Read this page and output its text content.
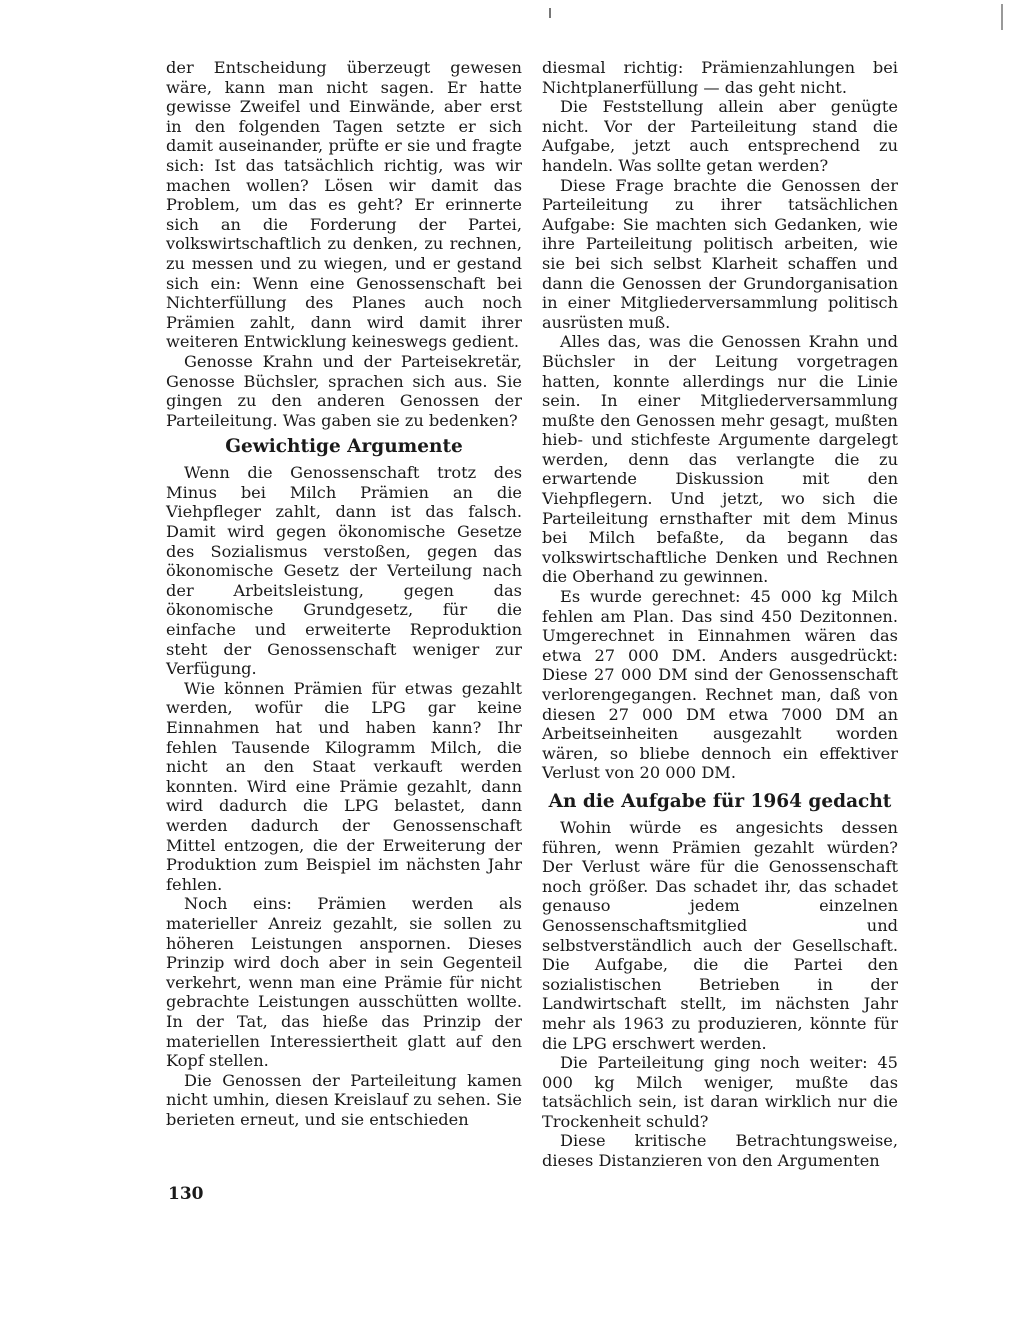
der Entscheidung überzeugt gewesen wäre, kann man nicht sagen. Er hatte gewisse Zweifel und Einwände, aber erst in den folgenden Tagen setzte er sich damit auseinander, prüfte er sie und fragte sich: Ist das tatsächlich richtig, was wir machen wollen? Lösen wir damit das Problem, um das es geht? Er erinnerte sich an die Forderung der Partei, volkswirtschaftlich zu denken, zu rechnen, zu messen und zu wiegen, und er gestand sich ein: Wenn eine Genossenschaft bei Nichterfüllung des Planes auch noch Prämien zahlt, dann wird damit ihrer weiteren Entwicklung keineswegs gedient.

Genosse Krahn und der Parteisekretär, Genosse Büchsler, sprachen sich aus. Sie gingen zu den anderen Genossen der Parteileitung. Was gaben sie zu bedenken?

Gewichtige Argumente

Wenn die Genossenschaft trotz des Minus bei Milch Prämien an die Viehpfleger zahlt, dann ist das falsch. Damit wird gegen ökonomische Gesetze des Sozialismus verstoßen, gegen das ökonomische Gesetz der Verteilung nach der Arbeitsleistung, gegen das ökonomische Grundgesetz, für die einfache und erweiterte Reproduktion steht der Genossenschaft weniger zur Verfügung.

Wie können Prämien für etwas gezahlt werden, wofür die LPG gar keine Einnahmen hat und haben kann? Ihr fehlen Tausende Kilogramm Milch, die nicht an den Staat verkauft werden konnten. Wird eine Prämie gezahlt, dann wird dadurch die LPG belastet, dann werden dadurch der Genossenschaft Mittel entzogen, die der Erweiterung der Produktion zum Beispiel im nächsten Jahr fehlen.

Noch eins: Prämien werden als materieller Anreiz gezahlt, sie sollen zu höheren Leistungen anspornen. Dieses Prinzip wird doch aber in sein Gegenteil verkehrt, wenn man eine Prämie für nicht gebrachte Leistungen ausschütten wollte. In der Tat, das hieße das Prinzip der materiellen Interessiertheit glatt auf den Kopf stellen.

Die Genossen der Parteileitung kamen nicht umhin, diesen Kreislauf zu sehen. Sie berieten erneut, und sie entschieden

diesmal richtig: Prämienzahlungen bei Nichtplanerfüllung — das geht nicht.

Die Feststellung allein aber genügte nicht. Vor der Parteileitung stand die Aufgabe, jetzt auch entsprechend zu handeln. Was sollte getan werden?

Diese Frage brachte die Genossen der Parteileitung zu ihrer tatsächlichen Aufgabe: Sie machten sich Gedanken, wie ihre Parteileitung politisch arbeiten, wie sie bei sich selbst Klarheit schaffen und dann die Genossen der Grundorganisation in einer Mitgliederversammlung politisch ausrüsten muß.

Alles das, was die Genossen Krahn und Büchsler in der Leitung vorgetragen hatten, konnte allerdings nur die Linie sein. In einer Mitgliederversammlung mußte den Genossen mehr gesagt, mußten hieb- und stichfeste Argumente dargelegt werden, denn das verlangte die zu erwartende Diskussion mit den Viehpflegern. Und jetzt, wo sich die Parteileitung ernsthafter mit dem Minus bei Milch befaßte, da begann das volkswirtschaftliche Denken und Rechnen die Oberhand zu gewinnen.

Es wurde gerechnet: 45 000 kg Milch fehlen am Plan. Das sind 450 Dezitonnen. Umgerechnet in Einnahmen wären das etwa 27 000 DM. Anders ausgedrückt: Diese 27 000 DM sind der Genossenschaft verlorengegangen. Rechnet man, daß von diesen 27 000 DM etwa 7000 DM an Arbeitseinheiten ausgezahlt worden wären, so bliebe dennoch ein effektiver Verlust von 20 000 DM.

An die Aufgabe für 1964 gedacht

Wohin würde es angesichts dessen führen, wenn Prämien gezahlt würden? Der Verlust wäre für die Genossenschaft noch größer. Das schadet ihr, das schadet genauso jedem einzelnen Genossenschaftsmitglied und selbstverständlich auch der Gesellschaft. Die Aufgabe, die die Partei den sozialistischen Betrieben in der Landwirtschaft stellt, im nächsten Jahr mehr als 1963 zu produzieren, könnte für die LPG erschwert werden.

Die Parteileitung ging noch weiter: 45 000 kg Milch weniger, mußte das tatsächlich sein, ist daran wirklich nur die Trockenheit schuld?

Diese kritische Betrachtungsweise, dieses Distanzieren von den Argumenten

130
